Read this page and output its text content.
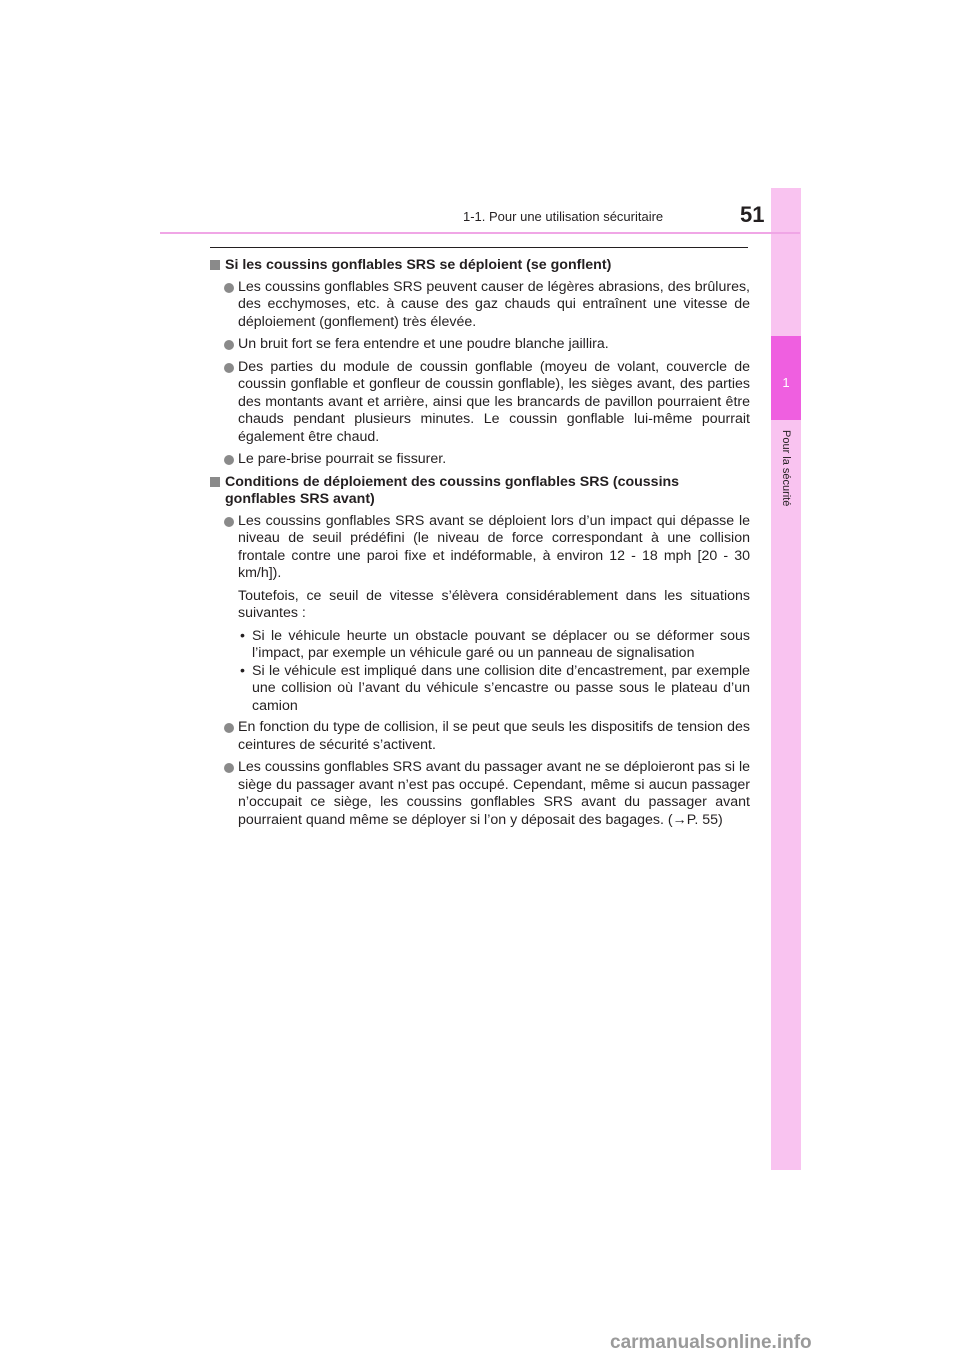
1
Pour la sécurité
1-1. Pour une utilisation sécuritaire	51
Si les coussins gonflables SRS se déploient (se gonflent)
Les coussins gonflables SRS peuvent causer de légères abrasions, des brûlures, des ecchymoses, etc. à cause des gaz chauds qui entraînent une vitesse de déploiement (gonflement) très élevée.
Un bruit fort se fera entendre et une poudre blanche jaillira.
Des parties du module de coussin gonflable (moyeu de volant, couvercle de coussin gonflable et gonfleur de coussin gonflable), les sièges avant, des parties des montants avant et arrière, ainsi que les brancards de pavillon pourraient être chauds pendant plusieurs minutes. Le coussin gonflable lui-même pourrait également être chaud.
Le pare-brise pourrait se fissurer.
Conditions de déploiement des coussins gonflables SRS (coussins gonflables SRS avant)
Les coussins gonflables SRS avant se déploient lors d’un impact qui dépasse le niveau de seuil prédéfini (le niveau de force correspondant à une collision frontale contre une paroi fixe et indéformable, à environ 12 - 18 mph [20 - 30 km/h]).
Toutefois, ce seuil de vitesse s’élèvera considérablement dans les situations suivantes :
• Si le véhicule heurte un obstacle pouvant se déplacer ou se déformer sous l’impact, par exemple un véhicule garé ou un panneau de signalisation
• Si le véhicule est impliqué dans une collision dite d’encastrement, par exemple une collision où l’avant du véhicule s’encastre ou passe sous le plateau d’un camion
En fonction du type de collision, il se peut que seuls les dispositifs de tension des ceintures de sécurité s’activent.
Les coussins gonflables SRS avant du passager avant ne se déploieront pas si le siège du passager avant n’est pas occupé. Cependant, même si aucun passager n’occupait ce siège, les coussins gonflables SRS avant du passager avant pourraient quand même se déployer si l’on y déposait des bagages. (→P. 55)
carmanualsonline.info
